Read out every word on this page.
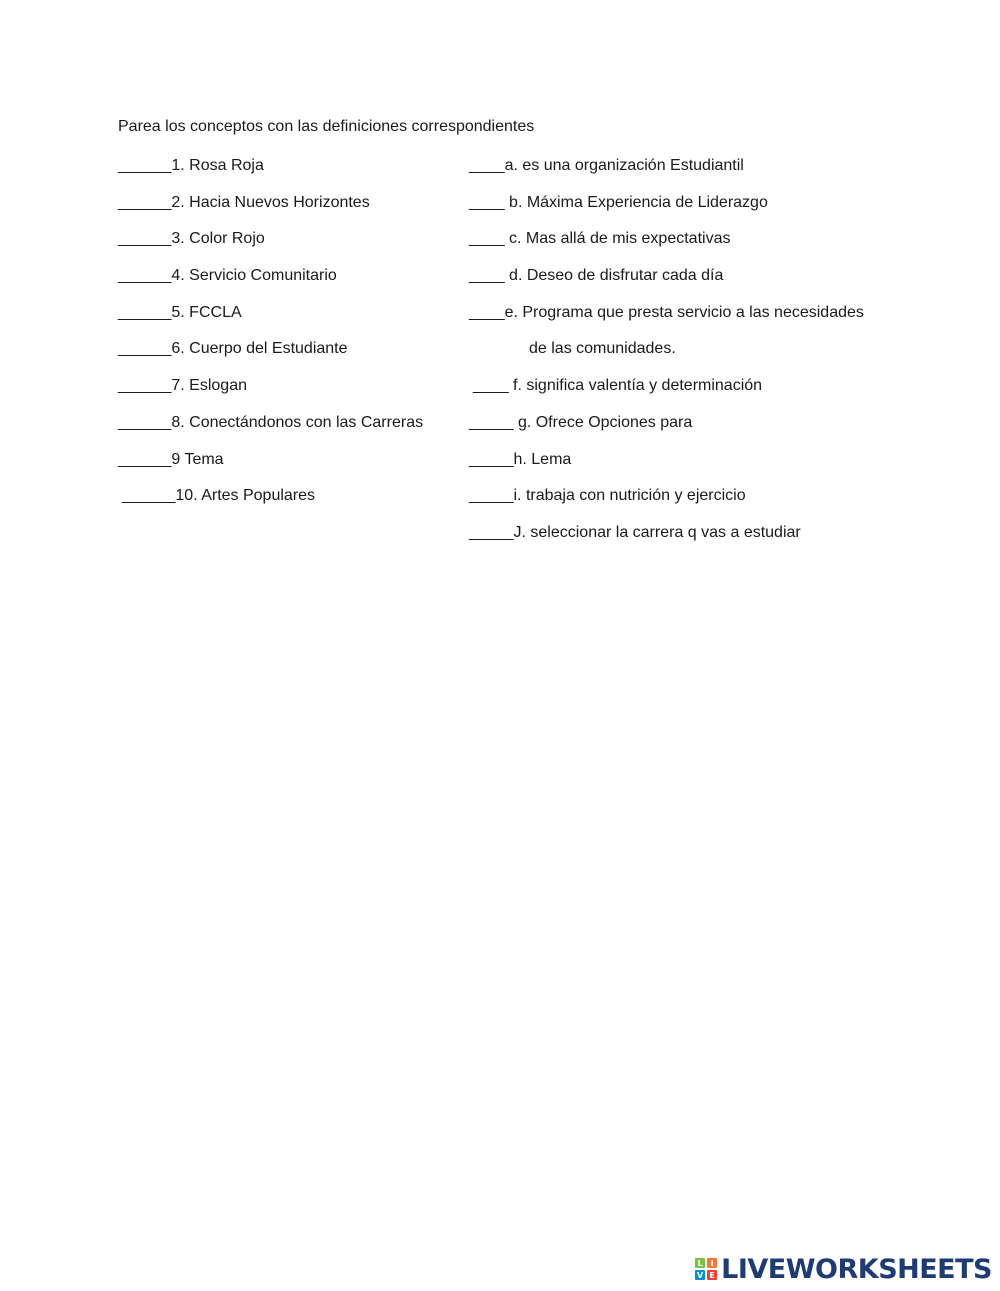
Parea los conceptos con las definiciones correspondientes
______1. Rosa Roja
______2. Hacia Nuevos Horizontes
______3. Color Rojo
______4. Servicio Comunitario
______5. FCCLA
______6. Cuerpo del Estudiante
______7. Eslogan
______8. Conectándonos con las Carreras
______9 Tema
______10. Artes Populares
____a. es una organización Estudiantil
____ b. Máxima Experiencia de Liderazgo
____ c. Mas allá de mis expectativas
____ d. Deseo de disfrutar cada día
____e. Programa que presta servicio a las necesidades
de las comunidades.
____ f. significa valentía y determinación
_____ g. Ofrece Opciones para
_____h. Lema
_____i. trabaja con nutrición y ejercicio
_____J. seleccionar la carrera q vas a estudiar
L I
V E LIVEWORKSHEETS
